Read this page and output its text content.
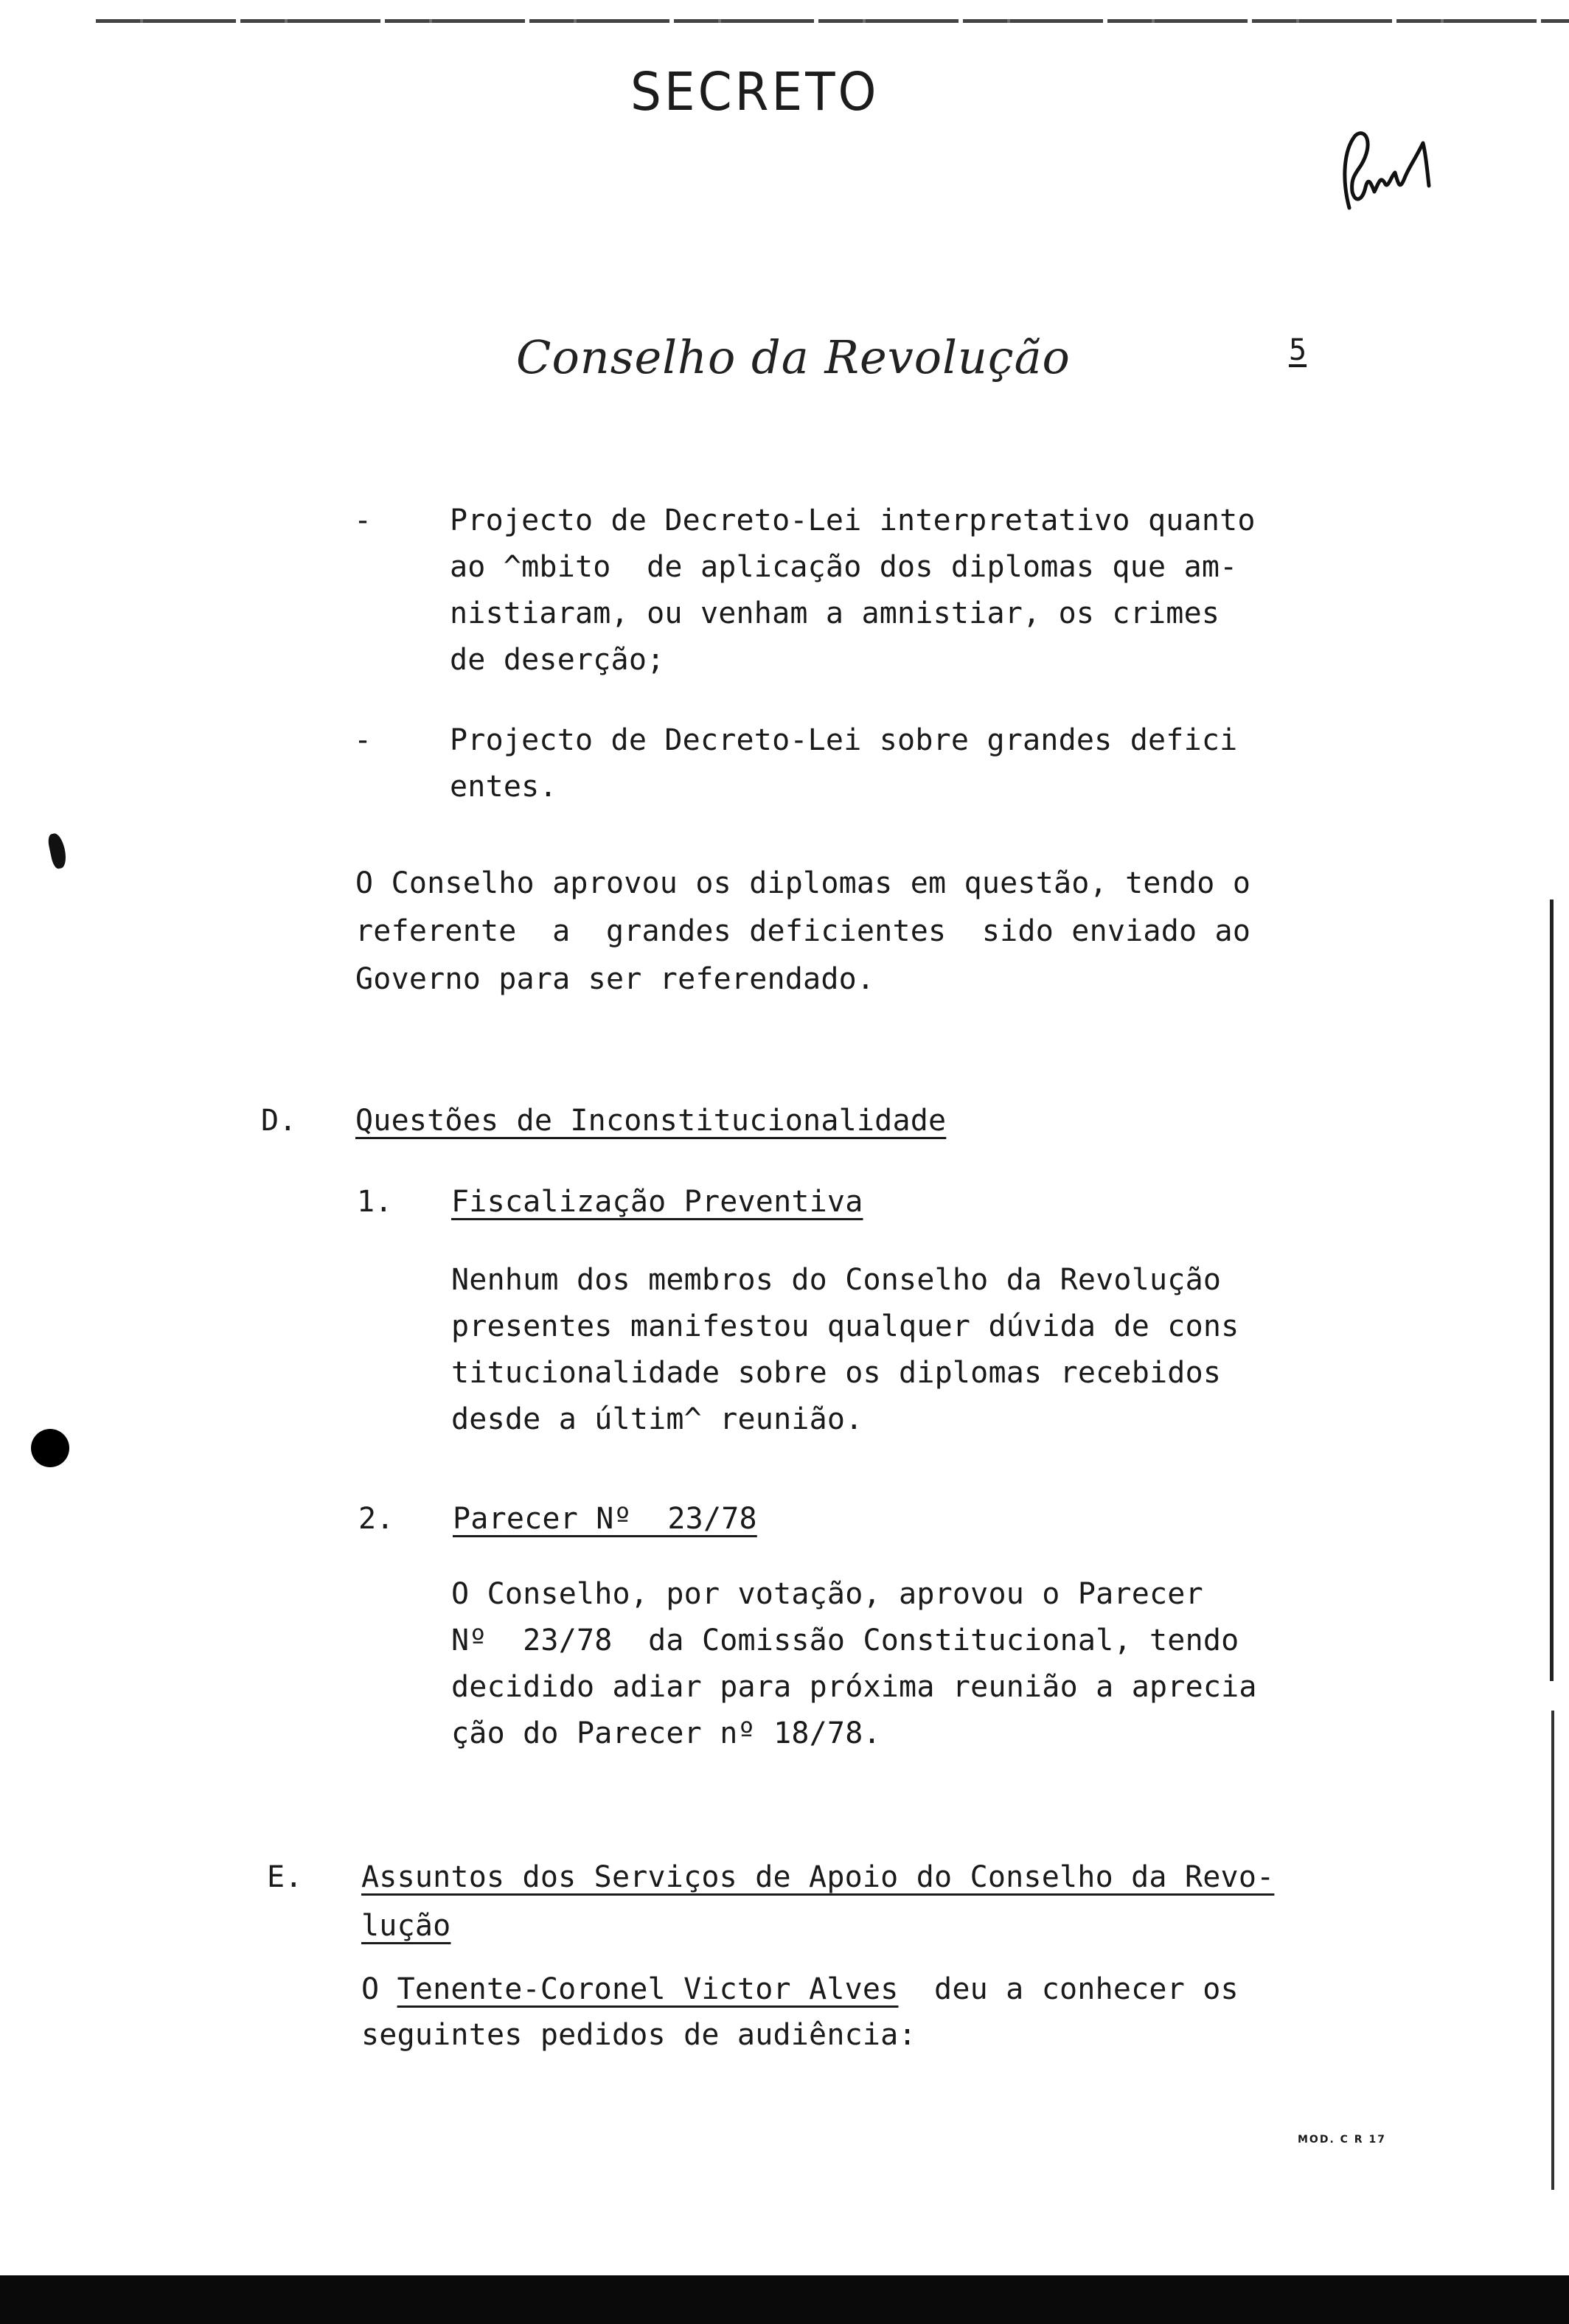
SECRETO
Conselho da Revolução	5
-	Projecto de Decreto-Lei interpretativo quanto
ao ^mbito  de aplicação dos diplomas que am-
nistiaram, ou venham a amnistiar, os crimes
de deserção;
-	Projecto de Decreto-Lei sobre grandes defici
entes.
O Conselho aprovou os diplomas em questão, tendo o
referente  a  grandes deficientes  sido enviado ao
Governo para ser referendado.
D. Questões de Inconstitucionalidade
1. Fiscalização Preventiva
Nenhum dos membros do Conselho da Revolução
presentes manifestou qualquer dúvida de cons
titucionalidade sobre os diplomas recebidos
desde a últim^ reunião.
2. Parecer Nº  23/78
O Conselho, por votação, aprovou o Parecer
Nº  23/78  da Comissão Constitucional, tendo
decidido adiar para próxima reunião a aprecia
ção do Parecer nº 18/78.
E. Assuntos dos Serviços de Apoio do Conselho da Revo-
lução
O Tenente-Coronel Victor Alves  deu a conhecer os
seguintes pedidos de audiência:
MOD. C R 17
